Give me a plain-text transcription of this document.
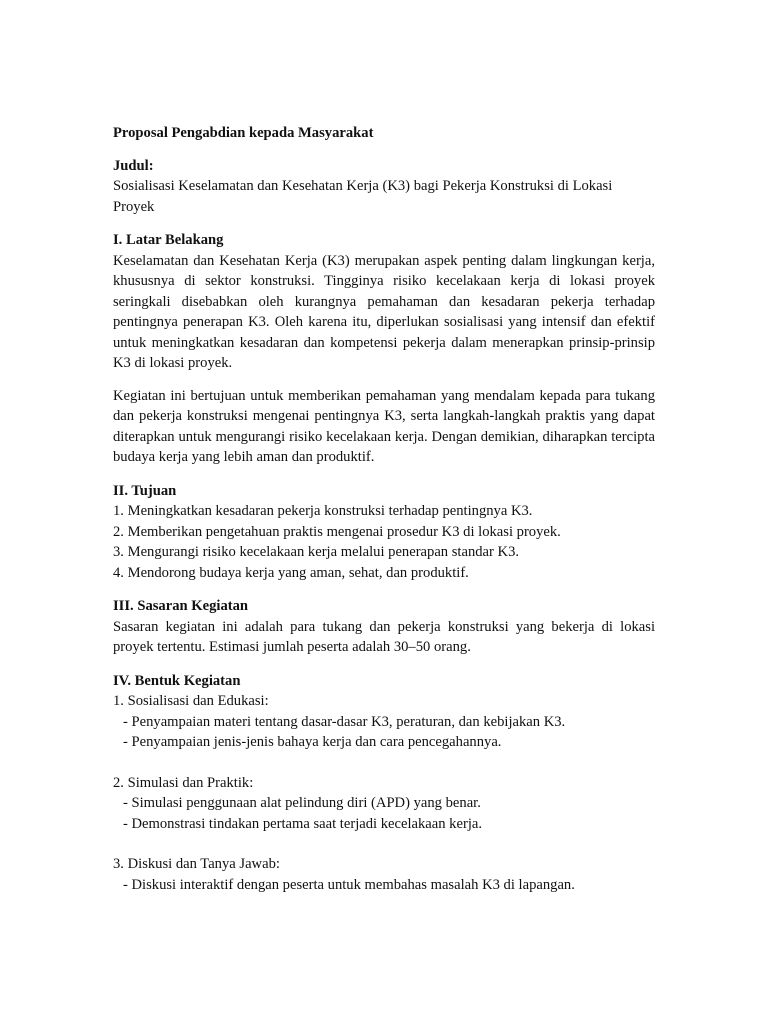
Proposal Pengabdian kepada Masyarakat

Judul:

Sosialisasi Keselamatan dan Kesehatan Kerja (K3) bagi Pekerja Konstruksi di Lokasi Proyek

I. Latar Belakang

Keselamatan dan Kesehatan Kerja (K3) merupakan aspek penting dalam lingkungan kerja, khususnya di sektor konstruksi. Tingginya risiko kecelakaan kerja di lokasi proyek seringkali disebabkan oleh kurangnya pemahaman dan kesadaran pekerja terhadap pentingnya penerapan K3. Oleh karena itu, diperlukan sosialisasi yang intensif dan efektif untuk meningkatkan kesadaran dan kompetensi pekerja dalam menerapkan prinsip-prinsip K3 di lokasi proyek.

Kegiatan ini bertujuan untuk memberikan pemahaman yang mendalam kepada para tukang dan pekerja konstruksi mengenai pentingnya K3, serta langkah-langkah praktis yang dapat diterapkan untuk mengurangi risiko kecelakaan kerja. Dengan demikian, diharapkan tercipta budaya kerja yang lebih aman dan produktif.

II. Tujuan

1. Meningkatkan kesadaran pekerja konstruksi terhadap pentingnya K3.

2. Memberikan pengetahuan praktis mengenai prosedur K3 di lokasi proyek.

3. Mengurangi risiko kecelakaan kerja melalui penerapan standar K3.

4. Mendorong budaya kerja yang aman, sehat, dan produktif.

III. Sasaran Kegiatan

Sasaran kegiatan ini adalah para tukang dan pekerja konstruksi yang bekerja di lokasi proyek tertentu. Estimasi jumlah peserta adalah 30–50 orang.

IV. Bentuk Kegiatan

1. Sosialisasi dan Edukasi:

- Penyampaian materi tentang dasar-dasar K3, peraturan, dan kebijakan K3.

- Penyampaian jenis-jenis bahaya kerja dan cara pencegahannya.

2. Simulasi dan Praktik:

- Simulasi penggunaan alat pelindung diri (APD) yang benar.

- Demonstrasi tindakan pertama saat terjadi kecelakaan kerja.

3. Diskusi dan Tanya Jawab:

- Diskusi interaktif dengan peserta untuk membahas masalah K3 di lapangan.
